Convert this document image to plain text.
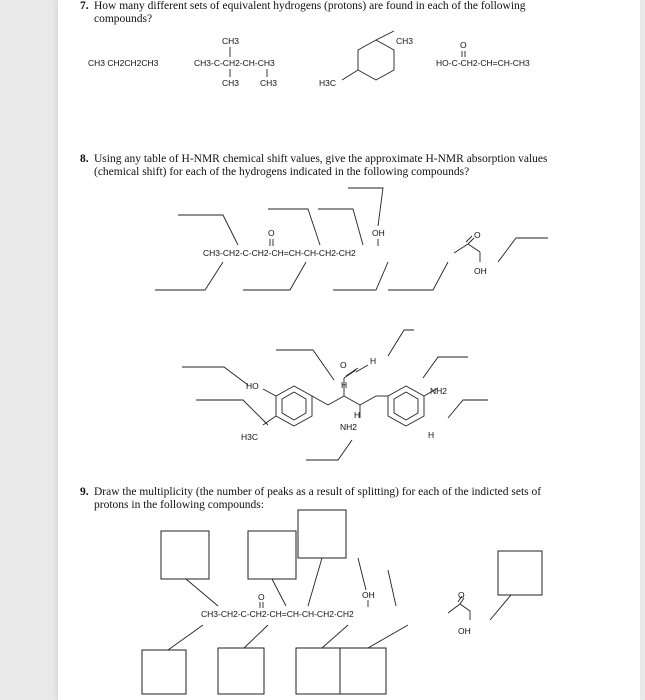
7. How many different sets of equivalent hydrogens (protons) are found in each of the following
compounds?
8. Using any table of H-NMR chemical shift values, give the approximate H-NMR absorption values
(chemical shift) for each of the hydrogens indicated in the following compounds?
9. Draw the multiplicity (the number of peaks as a result of splitting) for each of the indicted sets of
protons in the following compounds:
CH3 CH2CH2CH3
CH3
CH3-C-CH2-CH-CH3
CH3 CH3
CH3
H3C
O
HO-C-CH2-CH=CH-CH3
O	OH
CH3-CH2-C-CH2-CH=CH-CH-CH2-CH2
O
OH
O	H
H
HO
H3C
NH2
H
NH2
H
O	OH
CH3-CH2-C-CH2-CH=CH-CH-CH2-CH2
O
OH
